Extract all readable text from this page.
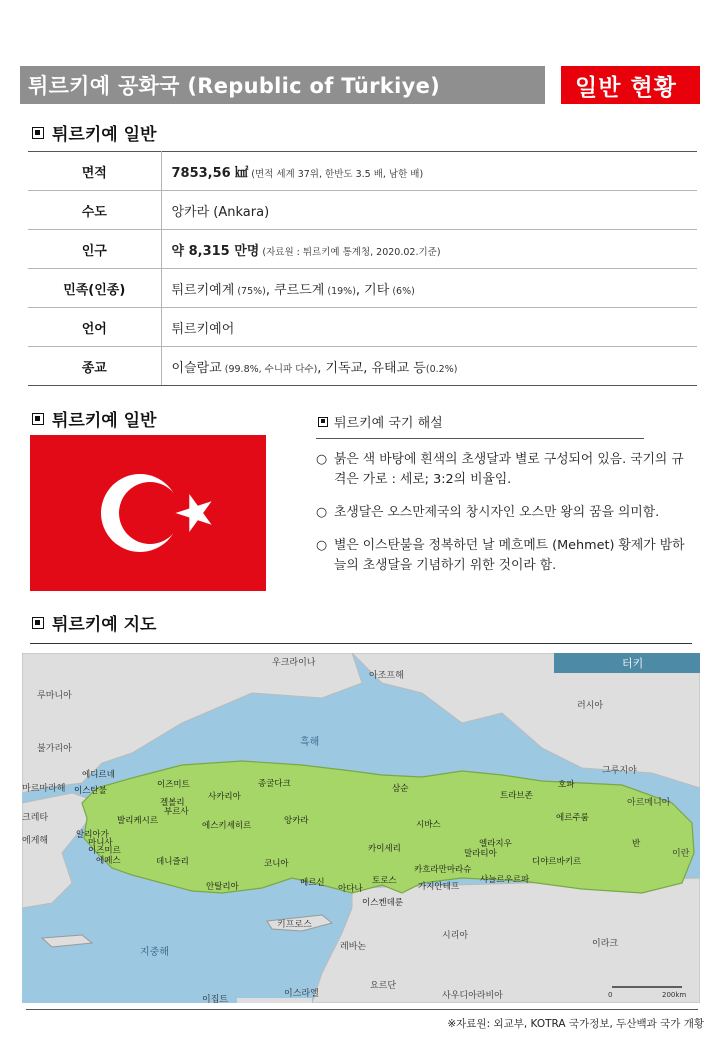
튀르키예 공화국 (Republic of Türkiye)	일반 현황
튀르키예 일반
면적	7853,56 ㎢ (면적 세계 37위, 한반도 3.5 배, 남한 배)
수도	앙카라 (Ankara)
인구	약 8,315 만명 (자료원 : 튀르키예 통계청, 2020.02.기준)
민족(인종)	튀르키예계 (75%), 쿠르드계 (19%), 기타 (6%)
언어	튀르키예어
종교	이슬람교 (99.8%, 수니파 다수), 기독교, 유태교 등(0.2%)
튀르키예 일반	튀르키예 국기 해설
○ 붉은 색 바탕에 흰색의 초생달과 별로 구성되어 있음. 국기의 규격은 가로 : 세로; 3:2의 비율임.
○ 초생달은 오스만제국의 창시자인 오스만 왕의 꿈을 의미함.
○ 별은 이스탄불을 정복하던 날 메흐메트 (Mehmet) 황제가 밤하늘의 초생달을 기념하기 위한 것이라 함.
튀르키예 지도
터키
우크라이나
루마니아
불가리아
러시아
그루지야
아르메니아
이란
시리아
이라크
레바논
이스라엘
이집트
요르단
사우디아라비아
키프로스
마르마라해
에게해
크레타
흑해
지중해
아조프해
에디르네
이스탄불
이즈미트
사카리아
종굴다크	삼순
트라브존
호파
겔볼리
부르사
발리케시르	에스키셰히르	앙카라	시바스
에르주룸
알리아가
마니사
이즈미르
에페스	데니즐리	코니아
카이세리	엘라지우
말라티아
디야르바키르
반
카흐라만마라슈
샤늘르우르파
가지안테프
안탈리아	메르신
아다나
토로스
이스켄데룬
0	200km
※자료원: 외교부, KOTRA 국가정보, 두산백과 국가 개황
